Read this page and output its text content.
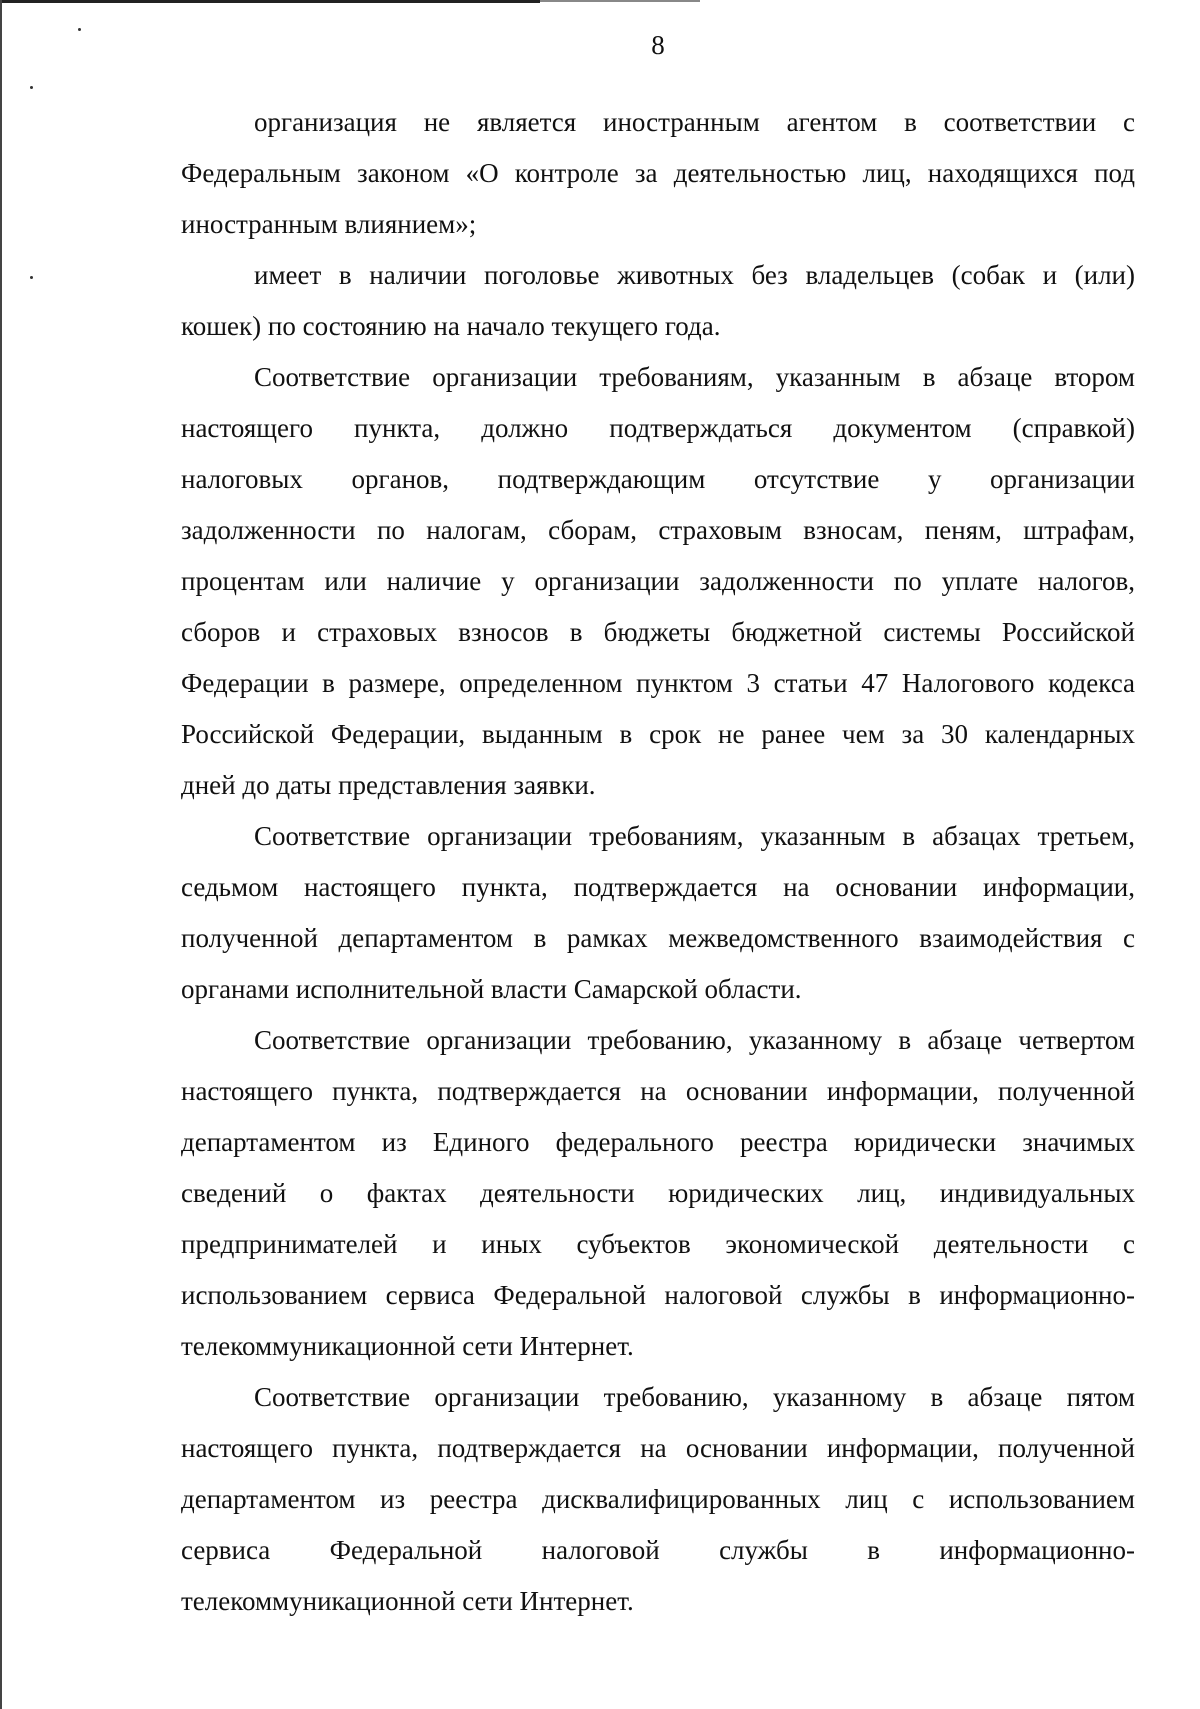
8
организация не является иностранным агентом в соответствии с
Федеральным законом «О контроле за деятельностью лиц, находящихся под
иностранным влиянием»;
имеет в наличии поголовье животных без владельцев (собак и (или)
кошек) по состоянию на начало текущего года.
Соответствие организации требованиям, указанным в абзаце втором
настоящего пункта, должно подтверждаться документом (справкой)
налоговых органов, подтверждающим отсутствие у организации
задолженности по налогам, сборам, страховым взносам, пеням, штрафам,
процентам или наличие у организации задолженности по уплате налогов,
сборов и страховых взносов в бюджеты бюджетной системы Российской
Федерации в размере, определенном пунктом 3 статьи 47 Налогового кодекса
Российской Федерации, выданным в срок не ранее чем за 30 календарных
дней до даты представления заявки.
Соответствие организации требованиям, указанным в абзацах третьем,
седьмом настоящего пункта, подтверждается на основании информации,
полученной департаментом в рамках межведомственного взаимодействия с
органами исполнительной власти Самарской области.
Соответствие организации требованию, указанному в абзаце четвертом
настоящего пункта, подтверждается на основании информации, полученной
департаментом из Единого федерального реестра юридически значимых
сведений о фактах деятельности юридических лиц, индивидуальных
предпринимателей и иных субъектов экономической деятельности с
использованием сервиса Федеральной налоговой службы в информационно-
телекоммуникационной сети Интернет.
Соответствие организации требованию, указанному в абзаце пятом
настоящего пункта, подтверждается на основании информации, полученной
департаментом из реестра дисквалифицированных лиц с использованием
сервиса Федеральной налоговой службы в информационно-
телекоммуникационной сети Интернет.
